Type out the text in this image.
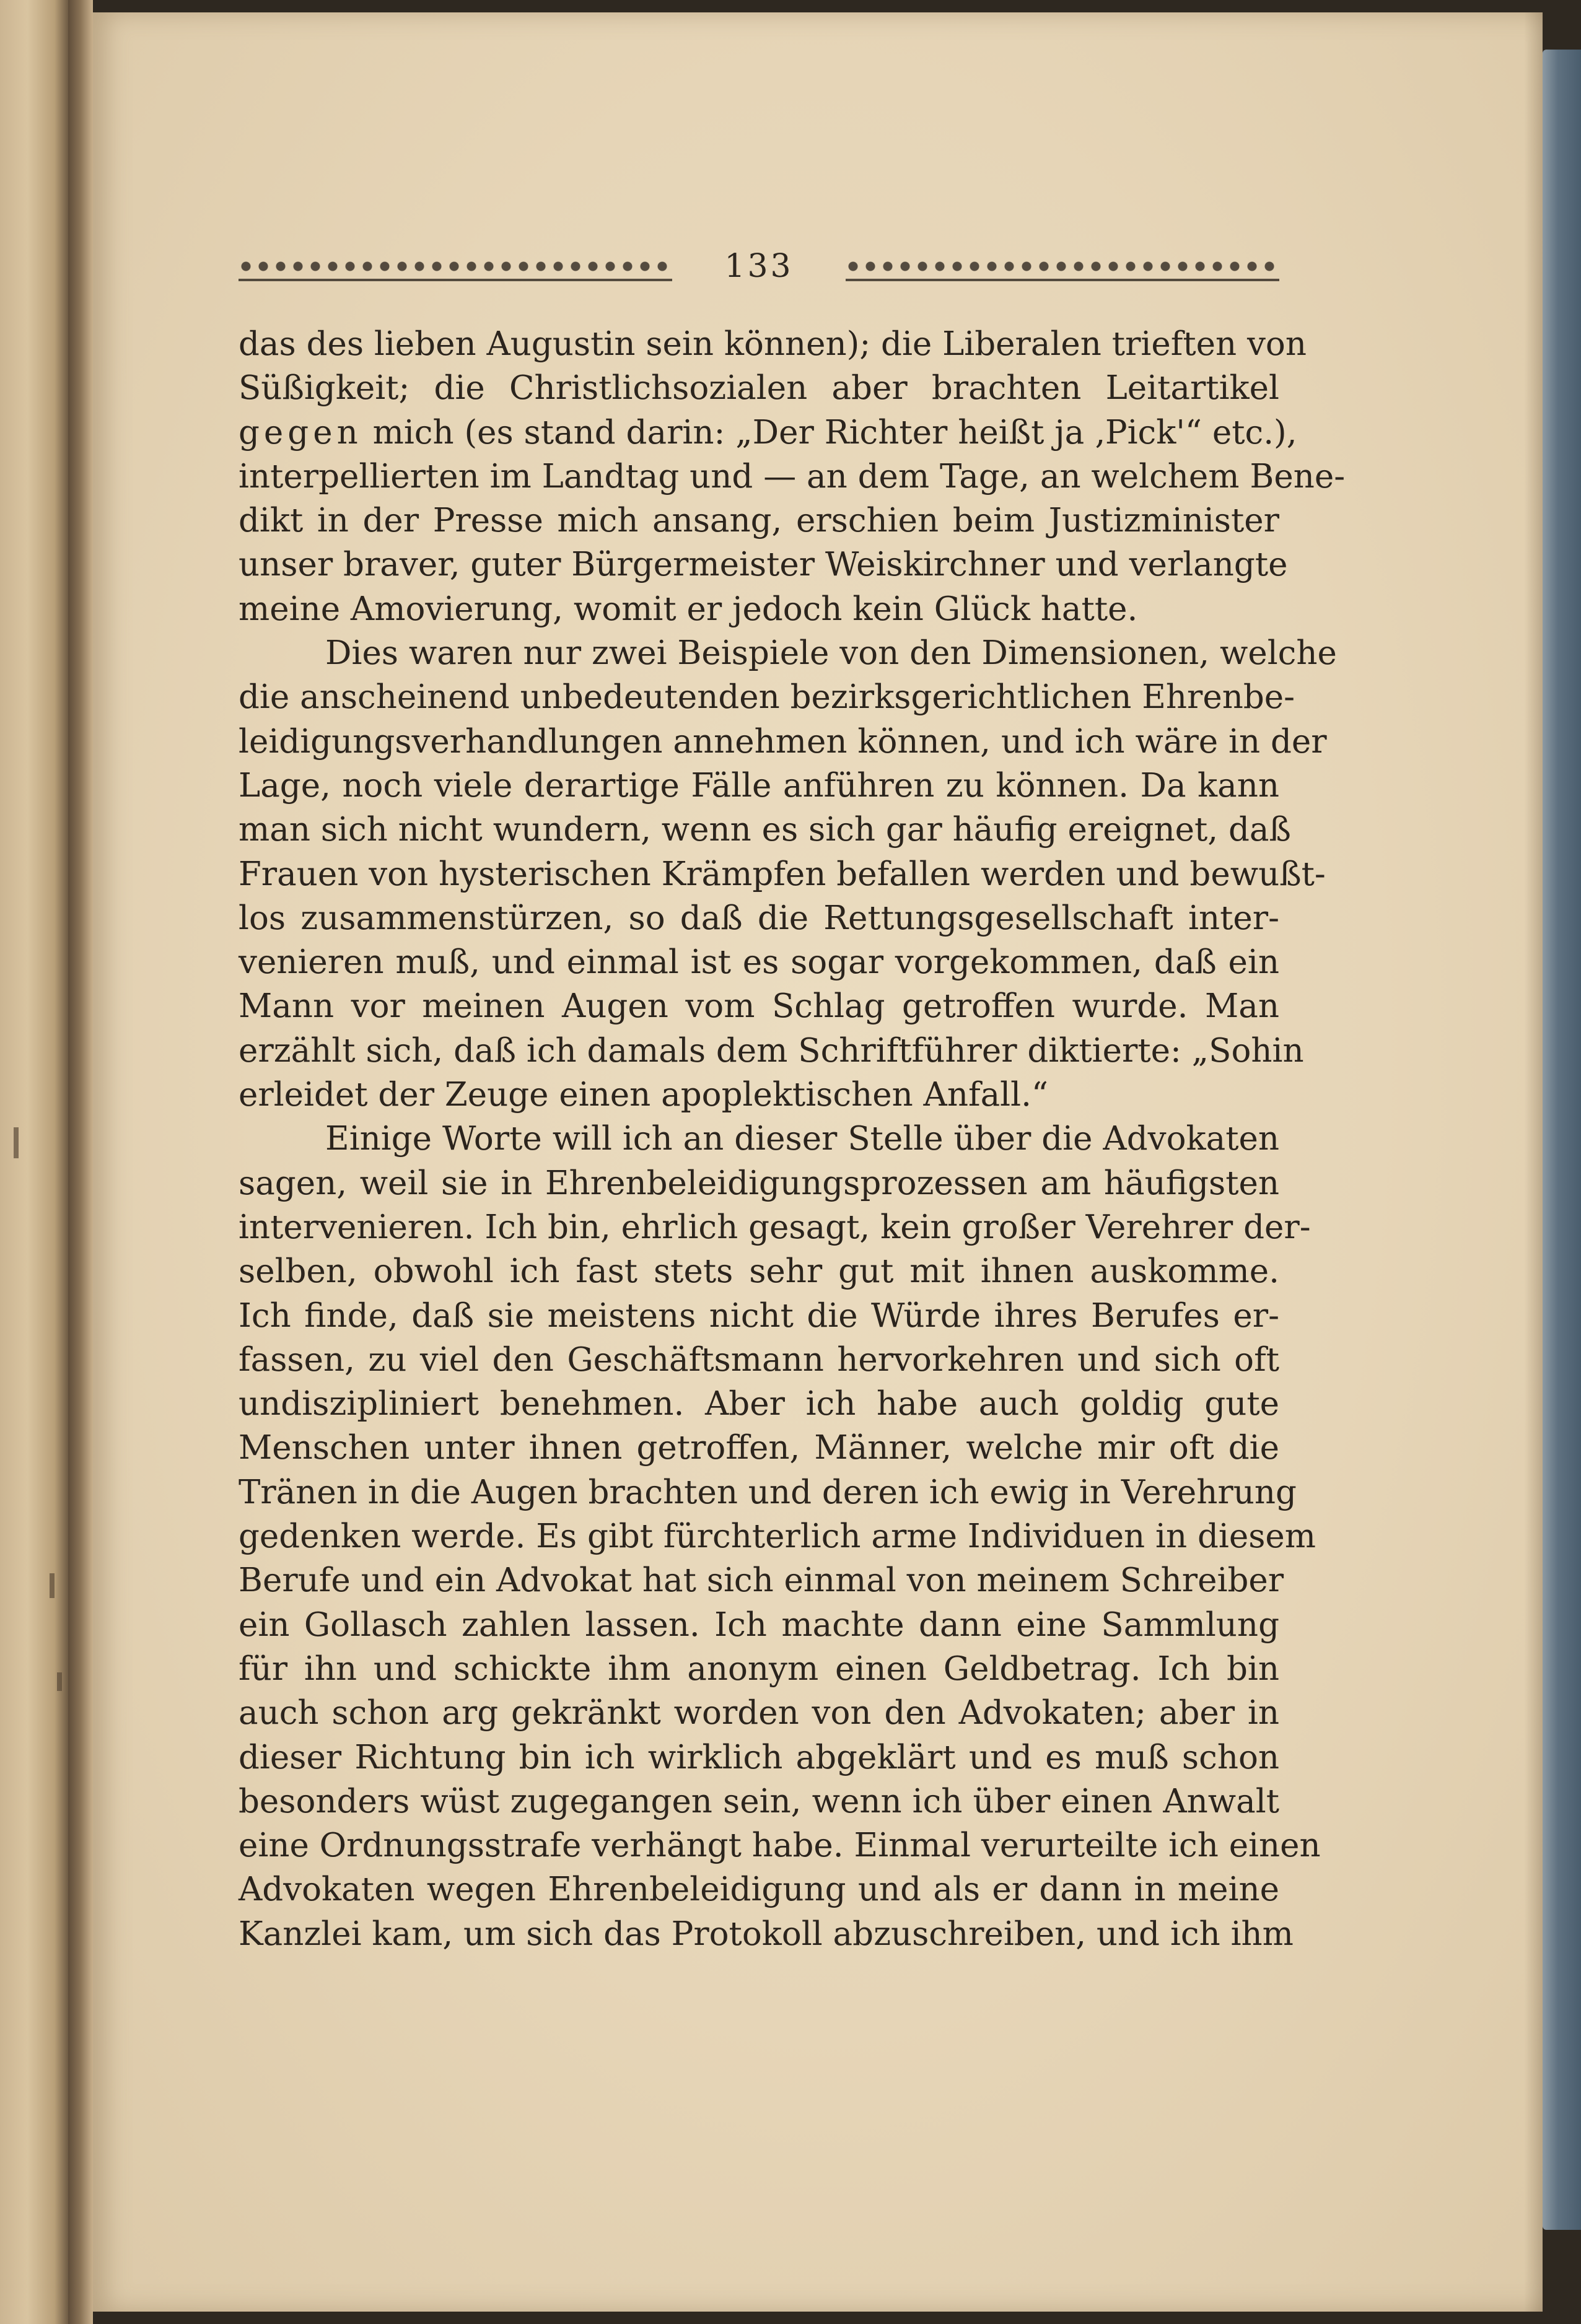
133
das des lieben Augustin sein können); die Liberalen trieften von
Süßigkeit; die Christlichsozialen aber brachten Leitartikel
gegen mich (es stand darin: „Der Richter heißt ja ‚Pick'“ etc.),
interpellierten im Landtag und — an dem Tage, an welchem Bene-
dikt in der Presse mich ansang, erschien beim Justizminister
unser braver, guter Bürgermeister Weiskirchner und verlangte
meine Amovierung, womit er jedoch kein Glück hatte.
Dies waren nur zwei Beispiele von den Dimensionen, welche
die anscheinend unbedeutenden bezirksgerichtlichen Ehrenbe-
leidigungsverhandlungen annehmen können, und ich wäre in der
Lage, noch viele derartige Fälle anführen zu können. Da kann
man sich nicht wundern, wenn es sich gar häufig ereignet, daß
Frauen von hysterischen Krämpfen befallen werden und bewußt-
los zusammenstürzen, so daß die Rettungsgesellschaft inter-
venieren muß, und einmal ist es sogar vorgekommen, daß ein
Mann vor meinen Augen vom Schlag getroffen wurde. Man
erzählt sich, daß ich damals dem Schriftführer diktierte: „Sohin
erleidet der Zeuge einen apoplektischen Anfall.“
Einige Worte will ich an dieser Stelle über die Advokaten
sagen, weil sie in Ehrenbeleidigungsprozessen am häufigsten
intervenieren. Ich bin, ehrlich gesagt, kein großer Verehrer der-
selben, obwohl ich fast stets sehr gut mit ihnen auskomme.
Ich finde, daß sie meistens nicht die Würde ihres Berufes er-
fassen, zu viel den Geschäftsmann hervorkehren und sich oft
undiszipliniert benehmen. Aber ich habe auch goldig gute
Menschen unter ihnen getroffen, Männer, welche mir oft die
Tränen in die Augen brachten und deren ich ewig in Verehrung
gedenken werde. Es gibt fürchterlich arme Individuen in diesem
Berufe und ein Advokat hat sich einmal von meinem Schreiber
ein Gollasch zahlen lassen. Ich machte dann eine Sammlung
für ihn und schickte ihm anonym einen Geldbetrag. Ich bin
auch schon arg gekränkt worden von den Advokaten; aber in
dieser Richtung bin ich wirklich abgeklärt und es muß schon
besonders wüst zugegangen sein, wenn ich über einen Anwalt
eine Ordnungsstrafe verhängt habe. Einmal verurteilte ich einen
Advokaten wegen Ehrenbeleidigung und als er dann in meine
Kanzlei kam, um sich das Protokoll abzuschreiben, und ich ihm
